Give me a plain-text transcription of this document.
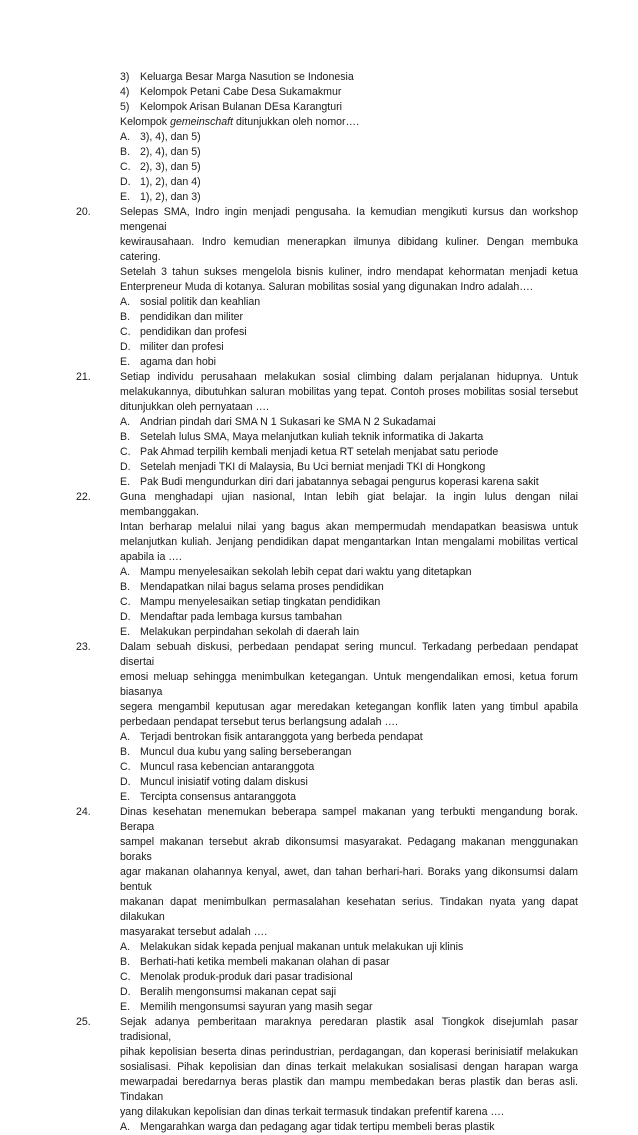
3) Keluarga Besar Marga Nasution se Indonesia
4) Kelompok Petani Cabe Desa Sukamakmur
5) Kelompok Arisan Bulanan DEsa Karangturi
Kelompok gemeinschaft ditunjukkan oleh nomor….
A. 3), 4), dan 5)
B. 2), 4), dan 5)
C. 2), 3), dan 5)
D. 1), 2), dan 4)
E. 1), 2), dan 3)
20.	Selepas SMA, Indro ingin menjadi pengusaha. Ia kemudian mengikuti kursus dan workshop mengenai
kewirausahaan. Indro kemudian menerapkan ilmunya dibidang kuliner. Dengan membuka catering.
Setelah 3 tahun sukses mengelola bisnis kuliner, indro mendapat kehormatan menjadi ketua
Enterpreneur Muda di kotanya. Saluran mobilitas sosial yang digunakan Indro adalah….
A. sosial politik dan keahlian
B. pendidikan dan militer
C. pendidikan dan profesi
D. militer dan profesi
E. agama dan hobi
21.	Setiap individu perusahaan melakukan sosial climbing dalam perjalanan hidupnya. Untuk
melakukannya, dibutuhkan saluran mobilitas yang tepat. Contoh proses mobilitas sosial tersebut
ditunjukkan oleh pernyataan ….
A. Andrian pindah dari SMA N 1 Sukasari ke SMA N 2 Sukadamai
B. Setelah lulus SMA, Maya melanjutkan kuliah teknik informatika di Jakarta
C. Pak Ahmad terpilih kembali menjadi ketua RT setelah menjabat satu periode
D. Setelah menjadi TKI di Malaysia, Bu Uci berniat menjadi TKI di Hongkong
E. Pak Budi mengundurkan diri dari jabatannya sebagai pengurus koperasi karena sakit
22.	Guna menghadapi ujian nasional, Intan lebih giat belajar. Ia ingin lulus dengan nilai membanggakan.
Intan berharap melalui nilai yang bagus akan mempermudah mendapatkan beasiswa untuk
melanjutkan kuliah. Jenjang pendidikan dapat mengantarkan Intan mengalami mobilitas vertical
apabila ia ….
A. Mampu menyelesaikan sekolah lebih cepat dari waktu yang ditetapkan
B. Mendapatkan nilai bagus selama proses pendidikan
C. Mampu menyelesaikan setiap tingkatan pendidikan
D. Mendaftar pada lembaga kursus tambahan
E. Melakukan perpindahan sekolah di daerah lain
23.	Dalam sebuah diskusi, perbedaan pendapat sering muncul. Terkadang perbedaan pendapat disertai
emosi meluap sehingga menimbulkan ketegangan. Untuk mengendalikan emosi, ketua forum biasanya
segera mengambil keputusan agar meredakan ketegangan konflik laten yang timbul apabila
perbedaan pendapat tersebut terus berlangsung adalah ….
A. Terjadi bentrokan fisik antaranggota yang berbeda pendapat
B. Muncul dua kubu yang saling berseberangan
C. Muncul rasa kebencian antaranggota
D. Muncul inisiatif voting dalam diskusi
E. Tercipta consensus antaranggota
24.	Dinas kesehatan menemukan beberapa sampel makanan yang terbukti mengandung borak. Berapa
sampel makanan tersebut akrab dikonsumsi masyarakat. Pedagang makanan menggunakan boraks
agar makanan olahannya kenyal, awet, dan tahan berhari-hari. Boraks yang dikonsumsi dalam bentuk
makanan dapat menimbulkan permasalahan kesehatan serius. Tindakan nyata yang dapat dilakukan
masyarakat tersebut adalah ….
A. Melakukan sidak kepada penjual makanan untuk melakukan uji klinis
B. Berhati-hati ketika membeli makanan olahan di pasar
C. Menolak produk-produk dari pasar tradisional
D. Beralih mengonsumsi makanan cepat saji
E. Memilih mengonsumsi sayuran yang masih segar
25.	Sejak adanya pemberitaan maraknya peredaran plastik asal Tiongkok disejumlah pasar tradisional,
pihak kepolisian beserta dinas perindustrian, perdagangan, dan koperasi berinisiatif melakukan
sosialisasi. Pihak kepolisian dan dinas terkait melakukan sosialisasi dengan harapan warga
mewarpadai beredarnya beras plastik dan mampu membedakan beras plastik dan beras asli. Tindakan
yang dilakukan kepolisian dan dinas terkait termasuk tindakan prefentif karena ….
A. Mengarahkan warga dan pedagang agar tidak tertipu membeli beras plastik
